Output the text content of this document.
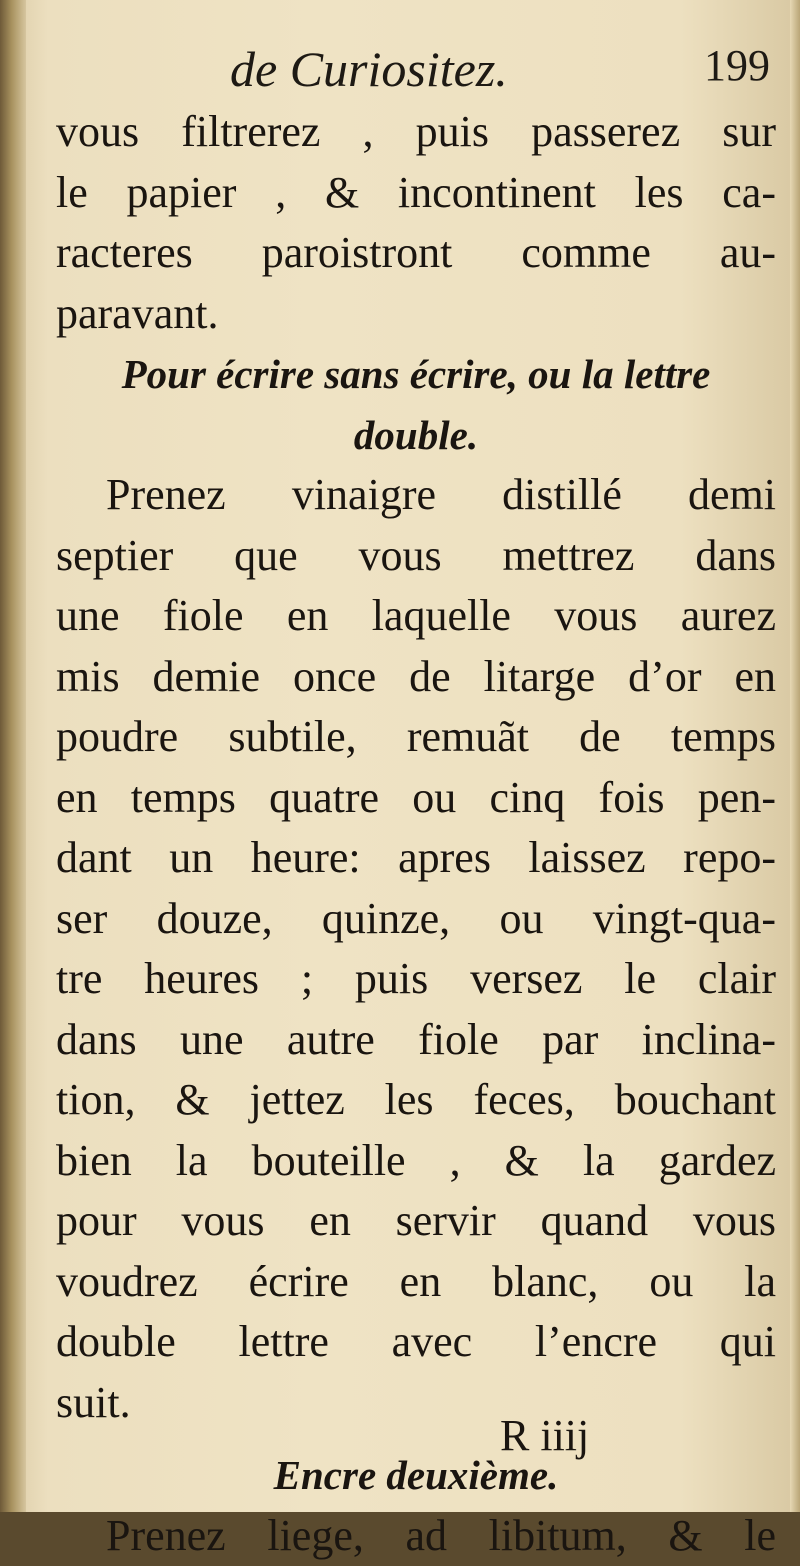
de Curiositez.	199
vous filtrerez , puis passerez sur
le papier , & incontinent les ca-
racteres paroistront comme au-
paravant.
Pour écrire sans écrire, ou la lettre
double.
Prenez vinaigre distillé demi
septier que vous mettrez dans
une fiole en laquelle vous aurez
mis demie once de litarge d’or en
poudre subtile, remuãt de temps
en temps quatre ou cinq fois pen-
dant un heure: apres laissez repo-
ser douze, quinze, ou vingt-qua-
tre heures ; puis versez le clair
dans une autre fiole par inclina-
tion, & jettez les feces, bouchant
bien la bouteille , & la gardez
pour vous en servir quand vous
voudrez écrire en blanc, ou la
double lettre avec l’encre qui
suit.
Encre deuxième.
Prenez liege, ad libitum, & le
R iiij
